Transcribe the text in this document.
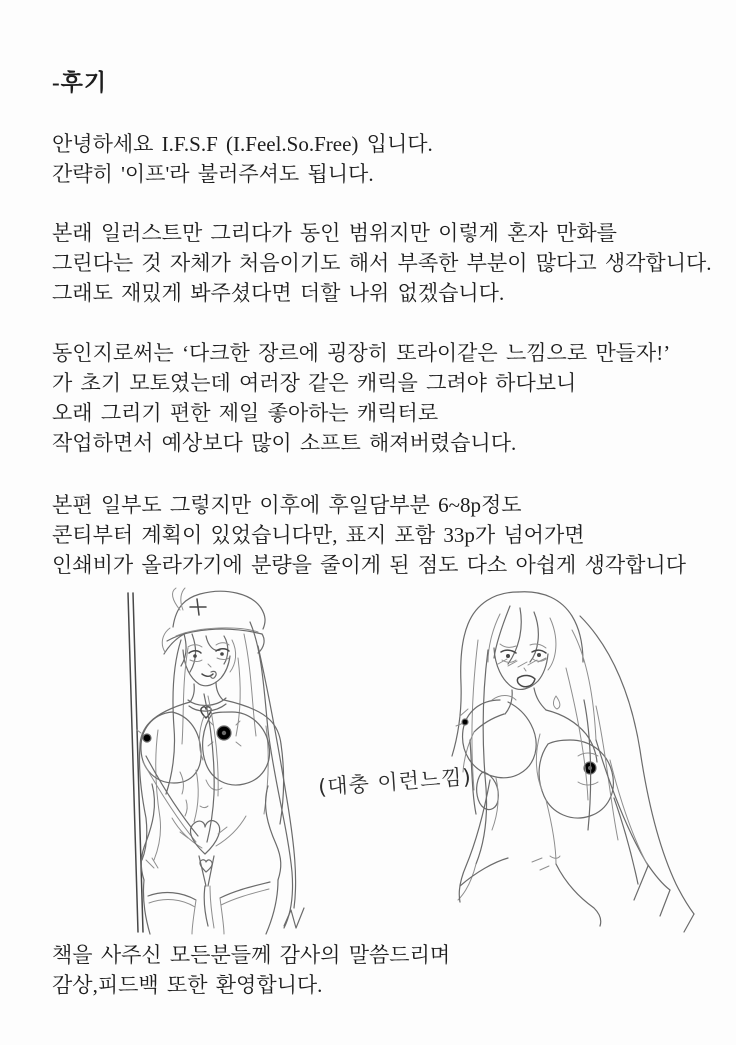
-후기
안녕하세요 I.F.S.F (I.Feel.So.Free) 입니다.
간략히 '이프'라 불러주셔도 됩니다.
본래 일러스트만 그리다가 동인 범위지만 이렇게 혼자 만화를
그린다는 것 자체가 처음이기도 해서 부족한 부분이 많다고 생각합니다.
그래도 재밌게 봐주셨다면 더할 나위 없겠습니다.
동인지로써는 ‘다크한 장르에 굉장히 또라이같은 느낌으로 만들자!’
가 초기 모토였는데 여러장 같은 캐릭을 그려야 하다보니
오래 그리기 편한 제일 좋아하는 캐릭터로
작업하면서 예상보다 많이 소프트 해져버렸습니다.
본편 일부도 그렇지만 이후에 후일담부분 6~8p정도
콘티부터 계획이 있었습니다만, 표지 포함 33p가 넘어가면
인쇄비가 올라가기에 분량을 줄이게 된 점도 다소 아쉽게 생각합니다
(대충 이런느낌)
책을 사주신 모든분들께 감사의 말씀드리며
감상,피드백 또한 환영합니다.
